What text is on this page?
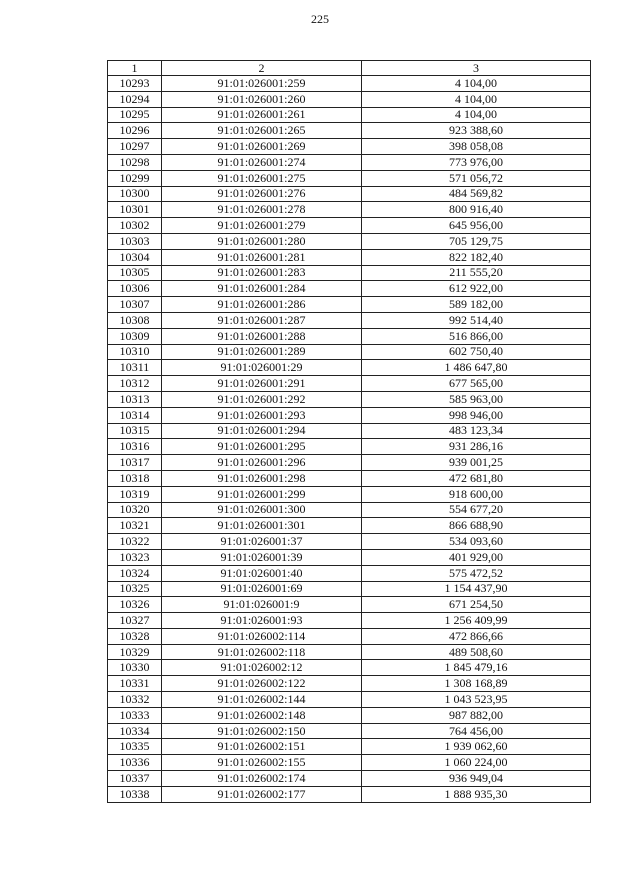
225
1	2	3
10293	91:01:026001:259	4 104,00
10294	91:01:026001:260	4 104,00
10295	91:01:026001:261	4 104,00
10296	91:01:026001:265	923 388,60
10297	91:01:026001:269	398 058,08
10298	91:01:026001:274	773 976,00
10299	91:01:026001:275	571 056,72
10300	91:01:026001:276	484 569,82
10301	91:01:026001:278	800 916,40
10302	91:01:026001:279	645 956,00
10303	91:01:026001:280	705 129,75
10304	91:01:026001:281	822 182,40
10305	91:01:026001:283	211 555,20
10306	91:01:026001:284	612 922,00
10307	91:01:026001:286	589 182,00
10308	91:01:026001:287	992 514,40
10309	91:01:026001:288	516 866,00
10310	91:01:026001:289	602 750,40
10311	91:01:026001:29	1 486 647,80
10312	91:01:026001:291	677 565,00
10313	91:01:026001:292	585 963,00
10314	91:01:026001:293	998 946,00
10315	91:01:026001:294	483 123,34
10316	91:01:026001:295	931 286,16
10317	91:01:026001:296	939 001,25
10318	91:01:026001:298	472 681,80
10319	91:01:026001:299	918 600,00
10320	91:01:026001:300	554 677,20
10321	91:01:026001:301	866 688,90
10322	91:01:026001:37	534 093,60
10323	91:01:026001:39	401 929,00
10324	91:01:026001:40	575 472,52
10325	91:01:026001:69	1 154 437,90
10326	91:01:026001:9	671 254,50
10327	91:01:026001:93	1 256 409,99
10328	91:01:026002:114	472 866,66
10329	91:01:026002:118	489 508,60
10330	91:01:026002:12	1 845 479,16
10331	91:01:026002:122	1 308 168,89
10332	91:01:026002:144	1 043 523,95
10333	91:01:026002:148	987 882,00
10334	91:01:026002:150	764 456,00
10335	91:01:026002:151	1 939 062,60
10336	91:01:026002:155	1 060 224,00
10337	91:01:026002:174	936 949,04
10338	91:01:026002:177	1 888 935,30
